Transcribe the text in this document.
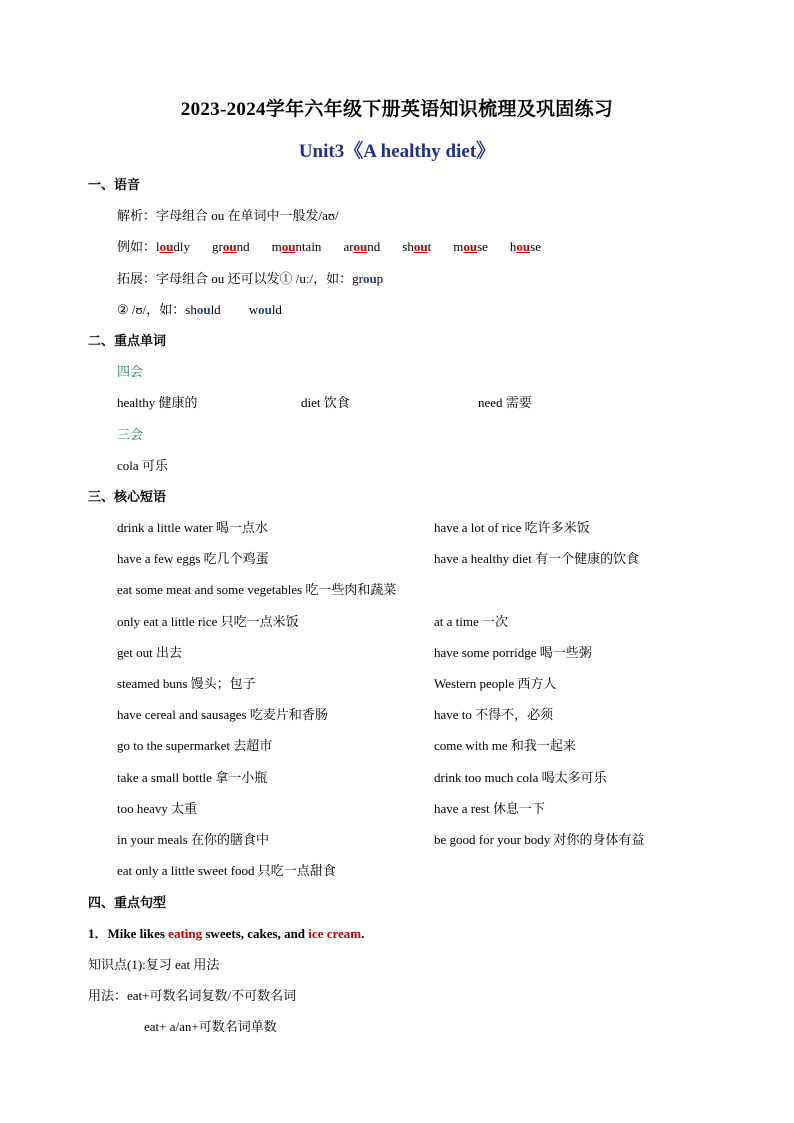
2023-2024学年六年级下册英语知识梳理及巩固练习
Unit3《A healthy diet》
一、语音
解析：字母组合 ou 在单词中一般发/aʊ/
例如：loudly ground mountain around shout mouse house
拓展：字母组合 ou 还可以发① /uː/，如：group
② /ʊ/，如：should would
二、重点单词
四会
healthy 健康的	diet 饮食	need 需要
三会
cola 可乐
三、核心短语
drink a little water 喝一点水	have a lot of rice 吃许多米饭
have a few eggs 吃几个鸡蛋	have a healthy diet 有一个健康的饮食
eat some meat and some vegetables 吃一些肉和蔬菜
only eat a little rice 只吃一点米饭	at a time 一次
get out 出去	have some porridge 喝一些粥
steamed buns 馒头；包子	Western people 西方人
have cereal and sausages 吃麦片和香肠	have to 不得不，必须
go to the supermarket 去超市	come with me 和我一起来
take a small bottle 拿一小瓶	drink too much cola 喝太多可乐
too heavy 太重	have a rest 休息一下
in your meals 在你的膳食中	be good for your body 对你的身体有益
eat only a little sweet food 只吃一点甜食
四、重点句型
1．Mike likes eating sweets, cakes, and ice cream.
知识点(1):复习 eat 用法
用法：eat+可数名词复数/不可数名词
eat+ a/an+可数名词单数
